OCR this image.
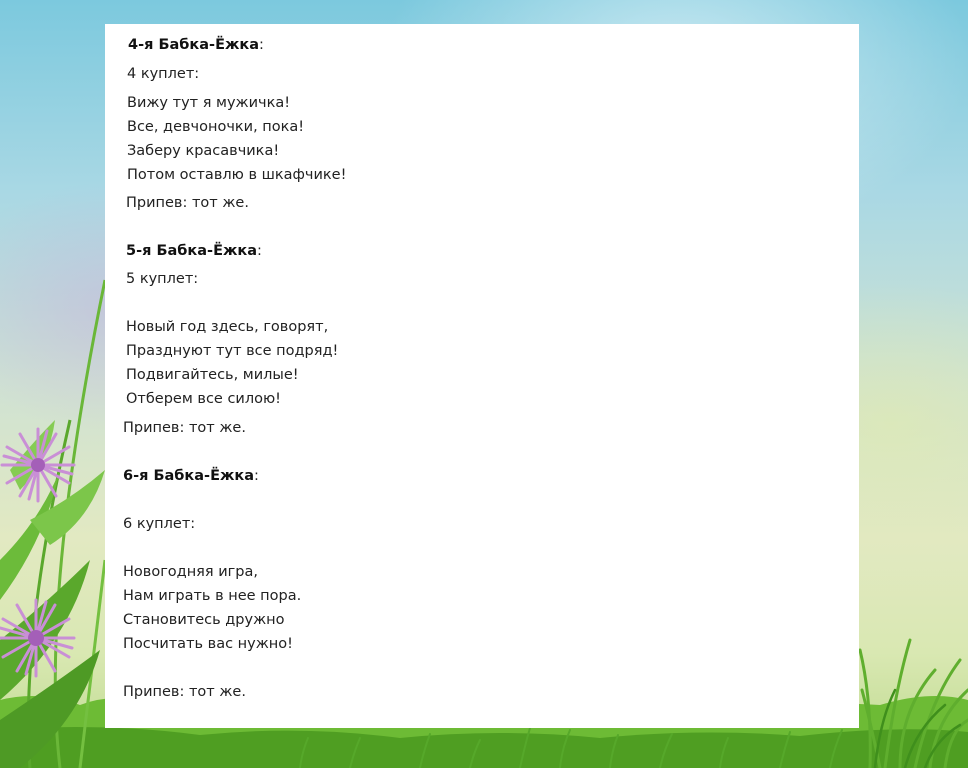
4-я Бабка-Ёжка:
4 куплет:
Вижу тут я мужичка!
Все, девчоночки, пока!
Заберу красавчика!
Потом оставлю в шкафчике!
Припев: тот же.
5-я Бабка-Ёжка:
5 куплет:
Новый год здесь, говорят,
Празднуют тут все подряд!
Подвигайтесь, милые!
Отберем все силою!
Припев: тот же.
6-я Бабка-Ёжка:
6 куплет:
Новогодняя игра,
Нам играть в нее пора.
Становитесь дружно
Посчитать вас нужно!
Припев: тот же.
